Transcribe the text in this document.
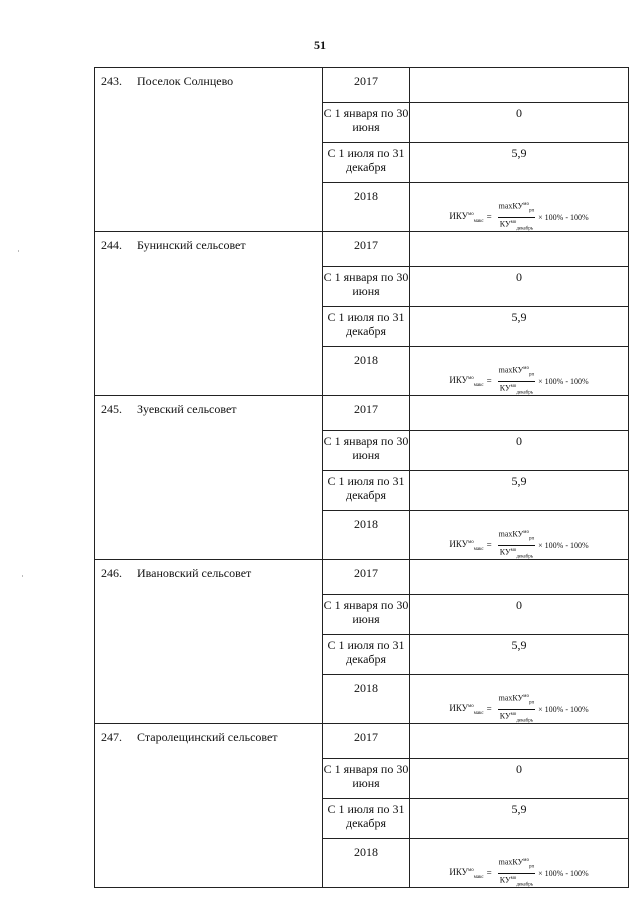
51
243. Поселок Солнцево	2017	

	С 1 января по 30 июня	0

	С 1 июля по 31 декабря	5,9

	2018	$ИКУ^{мо}_{макс} = \frac{\max КУ^{мо}_{рп}}{КУ^{мо}_{декабрь}} \times 100\% - 100\%$

244. Бунинский сельсовет	2017	

	С 1 января по 30 июня	0

	С 1 июля по 31 декабря	5,9

	2018	$ИКУ^{мо}_{макс} = \frac{\max КУ^{мо}_{рп}}{КУ^{мо}_{декабрь}} \times 100\% - 100\%$

245. Зуевский сельсовет	2017	

	С 1 января по 30 июня	0

	С 1 июля по 31 декабря	5,9

	2018	$ИКУ^{мо}_{макс} = \frac{\max КУ^{мо}_{рп}}{КУ^{мо}_{декабрь}} \times 100\% - 100\%$

246. Ивановский сельсовет	2017	

	С 1 января по 30 июня	0

	С 1 июля по 31 декабря	5,9

	2018	$ИКУ^{мо}_{макс} = \frac{\max КУ^{мо}_{рп}}{КУ^{мо}_{декабрь}} \times 100\% - 100\%$

247. Старолещинский сельсовет	2017	

	С 1 января по 30 июня	0

	С 1 июля по 31 декабря	5,9

	2018	$ИКУ^{мо}_{макс} = \frac{\max КУ^{мо}_{рп}}{КУ^{мо}_{декабрь}} \times 100\% - 100\%$
